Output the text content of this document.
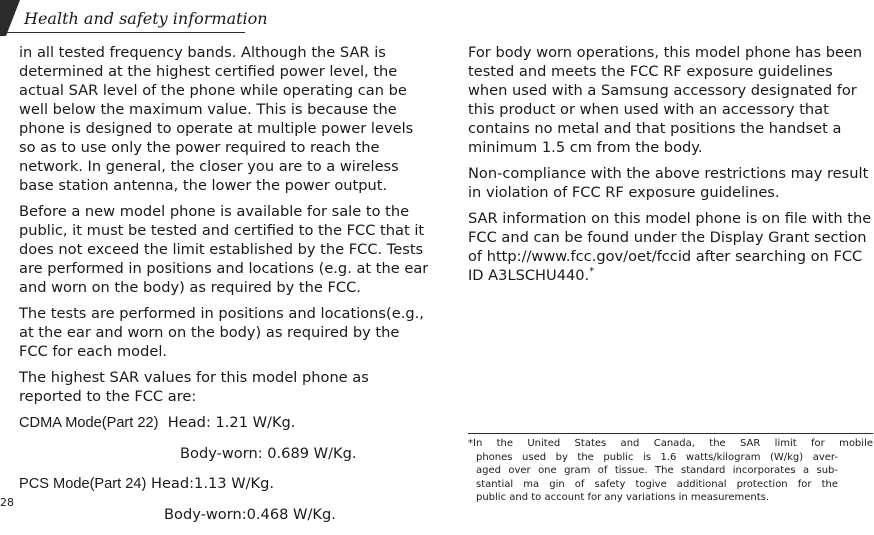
Health and safety information

in all tested frequency bands. Although the SAR is determined at the highest certified power level, the actual SAR level of the phone while operating can be well below the maximum value. This is because the phone is designed to operate at multiple power levels so as to use only the power required to reach the network. In general, the closer you are to a wireless base station antenna, the lower the power output.

Before a new model phone is available for sale to the public, it must be tested and certified to the FCC that it does not exceed the limit established by the FCC. Tests are performed in positions and locations (e.g. at the ear and worn on the body) as required by the FCC.

The tests are performed in positions and locations(e.g., at the ear and worn on the body) as required by the FCC for each model.

The highest SAR values for this model phone as reported to the FCC are:

CDMA Mode(Part 22) Head: 1.21 W/Kg.
Body-worn: 0.689 W/Kg.
PCS Mode(Part 24) Head:1.13 W/Kg.
Body-worn:0.468 W/Kg.

For body worn operations, this model phone has been tested and meets the FCC RF exposure guidelines when used with a Samsung accessory designated for this product or when used with an accessory that contains no metal and that positions the handset a minimum 1.5 cm from the body.

Non-compliance with the above restrictions may result in violation of FCC RF exposure guidelines.

SAR information on this model phone is on file with the FCC and can be found under the Display Grant section of http://www.fcc.gov/oet/fccid after searching on FCC ID A3LSCHU440.*

*In the United States and Canada, the SAR limit for mobile
phones used by the public is 1.6 watts/kilogram (W/kg) aver-
aged over one gram of tissue. The standard incorporates a sub-
stantial ma gin of safety togive additional protection for the
public and to account for any variations in measurements.
28
